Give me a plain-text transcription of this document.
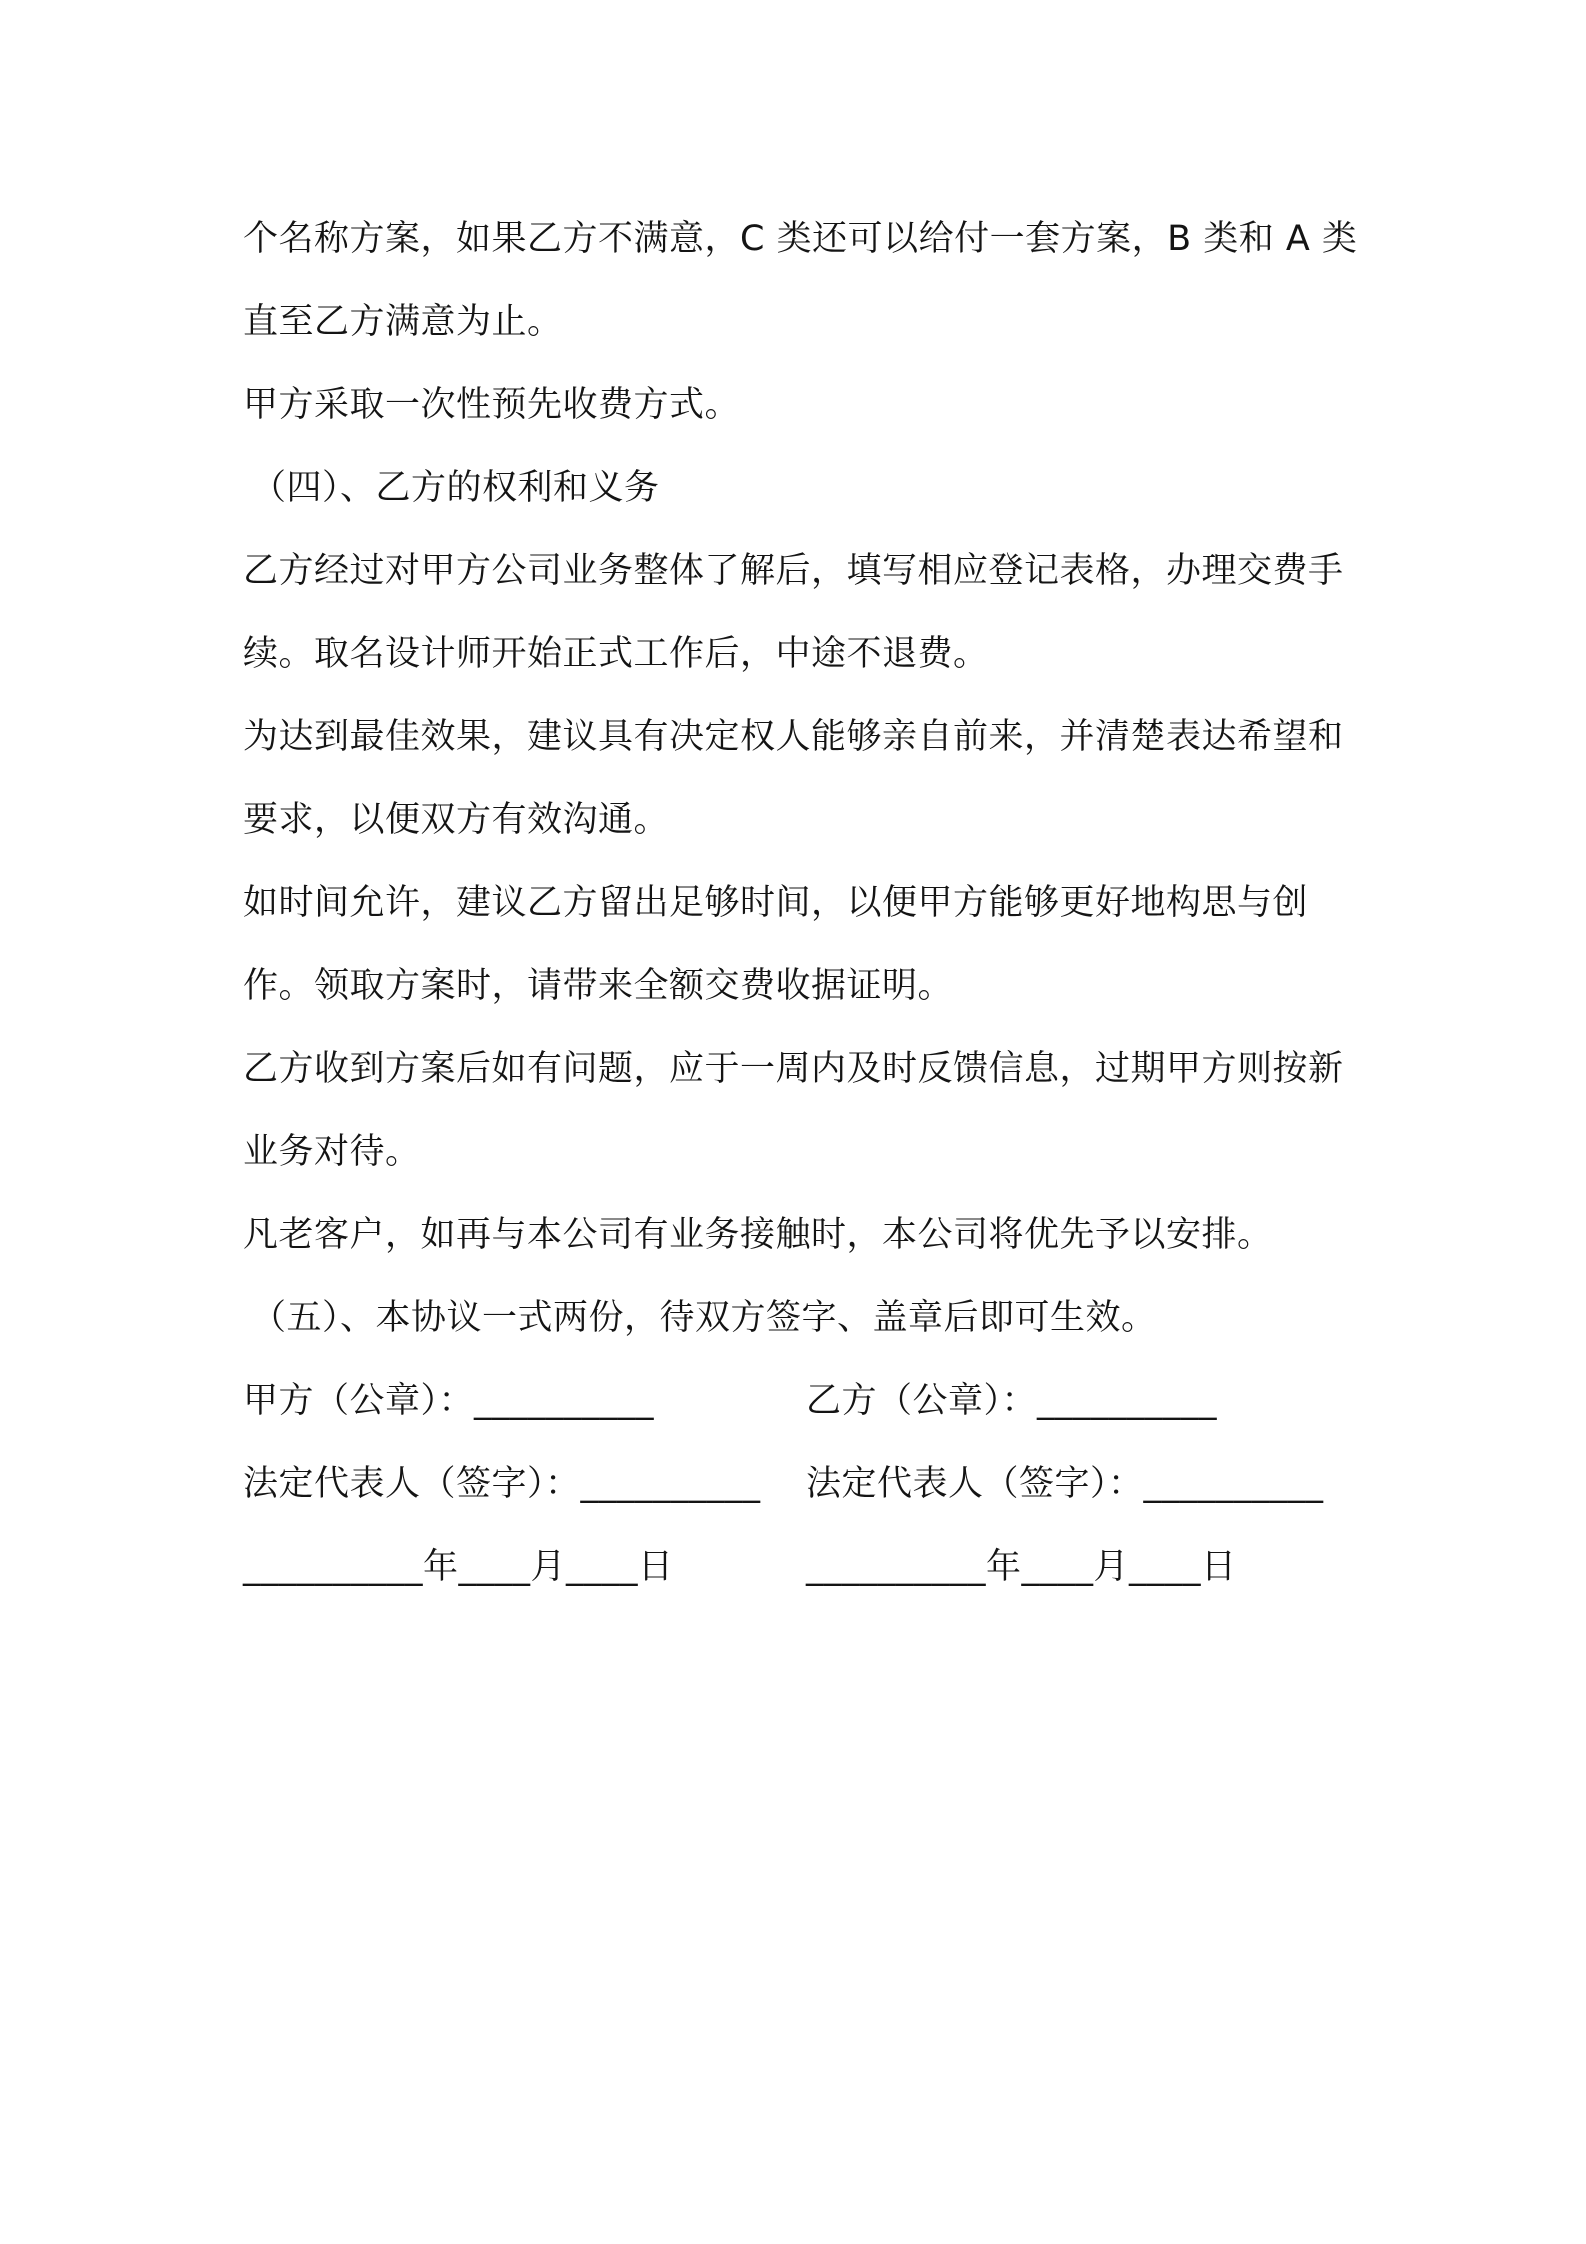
个名称方案，如果乙方不满意，C 类还可以给付一套方案，B 类和 A 类直至乙方满意为止。

甲方采取一次性预先收费方式。

（四）、乙方的权利和义务

乙方经过对甲方公司业务整体了解后，填写相应登记表格，办理交费手续。取名设计师开始正式工作后，中途不退费。

为达到最佳效果，建议具有决定权人能够亲自前来，并清楚表达希望和要求，以便双方有效沟通。

如时间允许，建议乙方留出足够时间，以便甲方能够更好地构思与创作。领取方案时，请带来全额交费收据证明。

乙方收到方案后如有问题，应于一周内及时反馈信息，过期甲方则按新业务对待。

凡老客户，如再与本公司有业务接触时，本公司将优先予以安排。

（五）、本协议一式两份，待双方签字、盖章后即可生效。

甲方（公章）：__________	乙方（公章）：__________
法定代表人（签字）：__________	法定代表人（签字）：__________
__________年____月____日	__________年____月____日
